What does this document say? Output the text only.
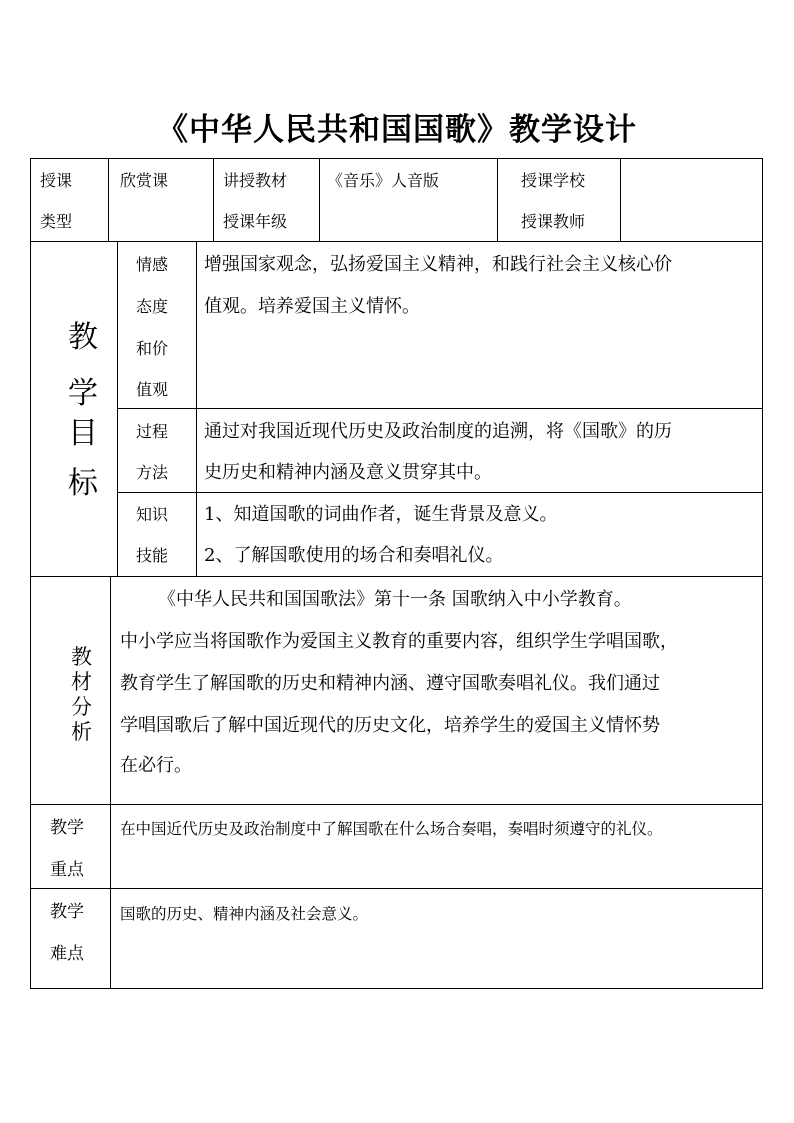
《中华人民共和国国歌》教学设计
授课
类型
欣赏课	讲授教材
授课年级
《音乐》人音版	授课学校
授课教师
教
学
目
标
情感
态度
和价
值观
增强国家观念，弘扬爱国主义精神，和践行社会主义核心价
值观。培养爱国主义情怀。
过程
方法
通过对我国近现代历史及政治制度的追溯，将《国歌》的历
史历史和精神内涵及意义贯穿其中。
知识
技能
1、知道国歌的词曲作者，诞生背景及意义。
2、了解国歌使用的场合和奏唱礼仪。
教
材
分
析
《中华人民共和国国歌法》第十一条 国歌纳入中小学教育。
中小学应当将国歌作为爱国主义教育的重要内容，组织学生学唱国歌，
教育学生了解国歌的历史和精神内涵、遵守国歌奏唱礼仪。我们通过
学唱国歌后了解中国近现代的历史文化，培养学生的爱国主义情怀势
在必行。
教学
重点
在中国近代历史及政治制度中了解国歌在什么场合奏唱，奏唱时须遵守的礼仪。
教学
难点
国歌的历史、精神内涵及社会意义。
